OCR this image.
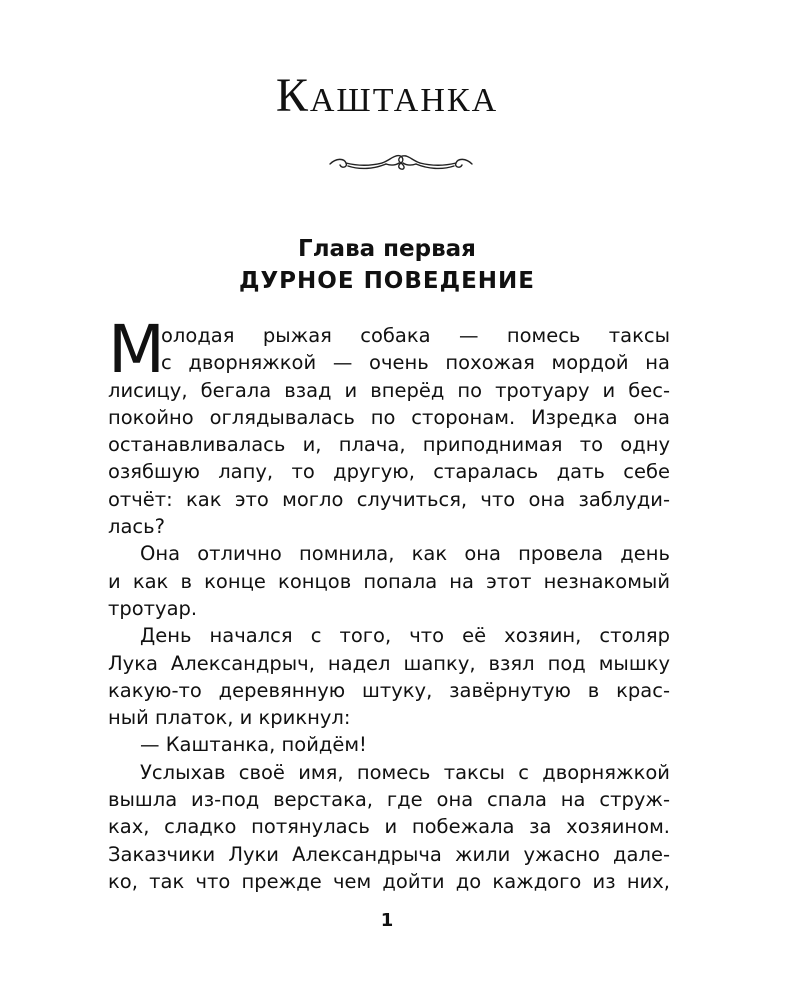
Каштанка
Глава первая
ДУРНОЕ ПОВЕДЕНИЕ
М
олодая рыжая собака — помесь таксы
с дворняжкой — очень похожая мордой на
лисицу, бегала взад и вперёд по тротуару и бес-
покойно оглядывалась по сторонам. Изредка она
останавливалась и, плача, приподнимая то одну
озябшую лапу, то другую, старалась дать себе
отчёт: как это могло случиться, что она заблуди-
лась?
Она отлично помнила, как она провела день
и как в конце концов попала на этот незнакомый
тротуар.
День начался с того, что её хозяин, столяр
Лука Александрыч, надел шапку, взял под мышку
какую-то деревянную штуку, завёрнутую в крас-
ный платок, и крикнул:
— Каштанка, пойдём!
Услыхав своё имя, помесь таксы с дворняжкой
вышла из-под верстака, где она спала на струж-
ках, сладко потянулась и побежала за хозяином.
Заказчики Луки Александрыча жили ужасно дале-
ко, так что прежде чем дойти до каждого из них,
1
